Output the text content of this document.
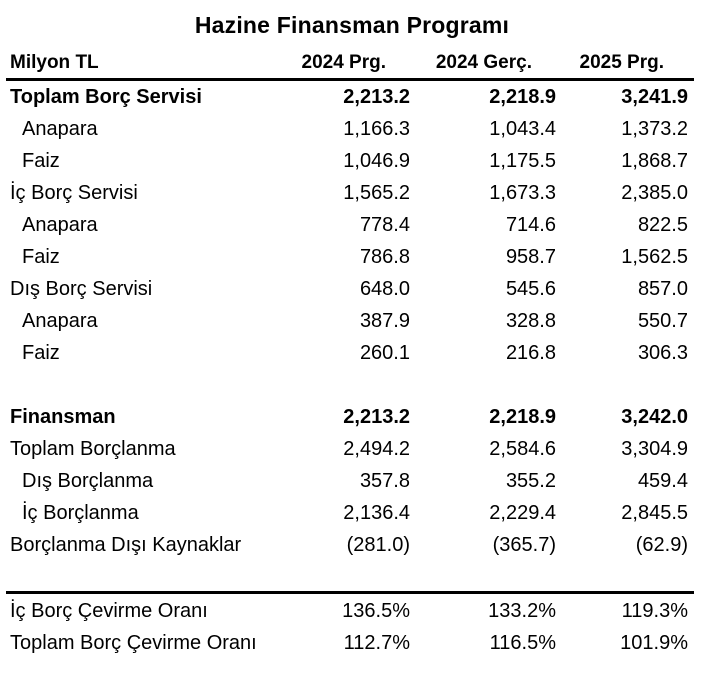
Hazine Finansman Programı
Milyon TL	2024 Prg.	2024 Gerç.	2025 Prg.
Toplam Borç Servisi	2,213.2	2,218.9	3,241.9
Anapara	1,166.3	1,043.4	1,373.2
Faiz	1,046.9	1,175.5	1,868.7
İç Borç Servisi	1,565.2	1,673.3	2,385.0
Anapara	778.4	714.6	822.5
Faiz	786.8	958.7	1,562.5
Dış Borç Servisi	648.0	545.6	857.0
Anapara	387.9	328.8	550.7
Faiz	260.1	216.8	306.3
Finansman	2,213.2	2,218.9	3,242.0
Toplam Borçlanma	2,494.2	2,584.6	3,304.9
Dış Borçlanma	357.8	355.2	459.4
İç Borçlanma	2,136.4	2,229.4	2,845.5
Borçlanma Dışı Kaynaklar	(281.0)	(365.7)	(62.9)
İç Borç Çevirme Oranı	136.5%	133.2%	119.3%
Toplam Borç Çevirme Oranı	112.7%	116.5%	101.9%
